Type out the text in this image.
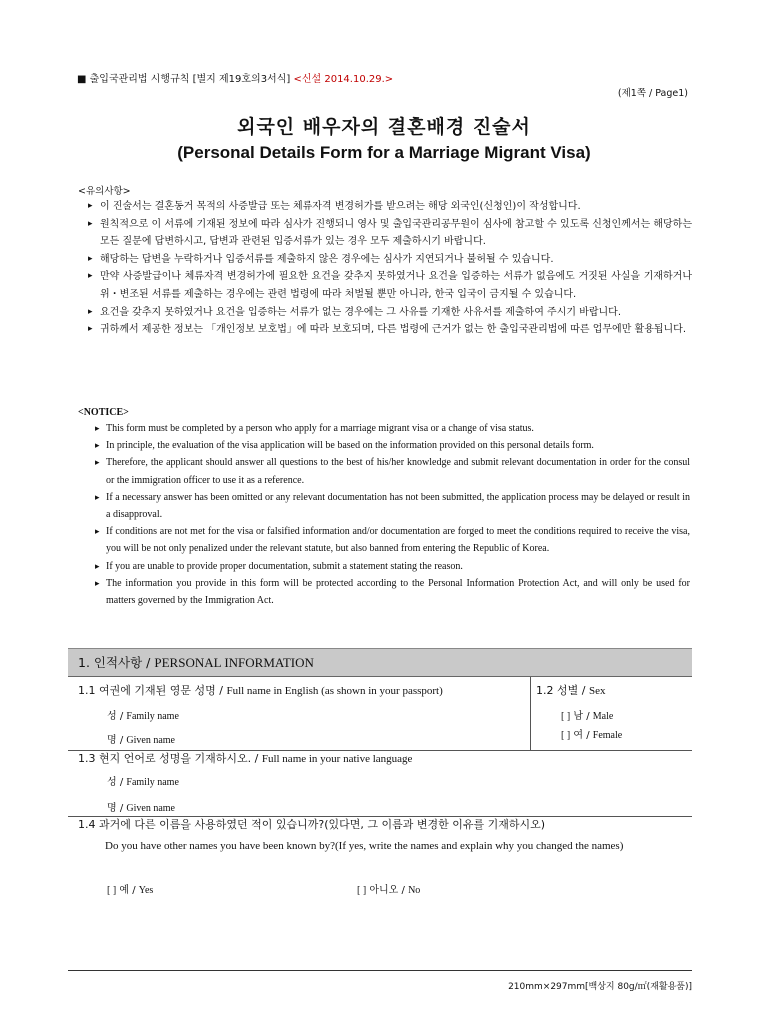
■ 출입국관리법 시행규칙 [별지 제19호의3서식] <신설 2014.10.29.>
(제1쪽 / Page1)
외국인 배우자의 결혼배경 진술서
(Personal Details Form for a Marriage Migrant Visa)
<유의사항>
▸ 이 진술서는 결혼동거 목적의 사증발급 또는 체류자격 변경허가를 받으려는 해당 외국인(신청인)이 작성합니다.
▸ 원칙적으로 이 서류에 기재된 정보에 따라 심사가 진행되니 영사 및 출입국관리공무원이 심사에 참고할 수 있도록 신청인께서는 해당하는 모든 질문에 답변하시고, 답변과 관련된 입증서류가 있는 경우 모두 제출하시기 바랍니다.
▸ 해당하는 답변을 누락하거나 입증서류를 제출하지 않은 경우에는 심사가 지연되거나 불허될 수 있습니다.
▸ 만약 사증발급이나 체류자격 변경허가에 필요한 요건을 갖추지 못하였거나 요건을 입증하는 서류가 없음에도 거짓된 사실을 기재하거나 위・변조된 서류를 제출하는 경우에는 관련 법령에 따라 처벌될 뿐만 아니라, 한국 입국이 금지될 수 있습니다.
▸ 요건을 갖추지 못하였거나 요건을 입증하는 서류가 없는 경우에는 그 사유를 기재한 사유서를 제출하여 주시기 바랍니다.
▸ 귀하께서 제공한 정보는 「개인정보 보호법」에 따라 보호되며, 다른 법령에 근거가 없는 한 출입국관리법에 따른 업무에만 활용됩니다.
<NOTICE>
▸ This form must be completed by a person who apply for a marriage migrant visa or a change of visa status.
▸ In principle, the evaluation of the visa application will be based on the information provided on this personal details form.
▸ Therefore, the applicant should answer all questions to the best of his/her knowledge and submit relevant documentation in order for the consul or the immigration officer to use it as a reference.
▸ If a necessary answer has been omitted or any relevant documentation has not been submitted, the application process may be delayed or result in a disapproval.
▸ If conditions are not met for the visa or falsified information and/or documentation are forged to meet the conditions required to receive the visa, you will be not only penalized under the relevant statute, but also banned from entering the Republic of Korea.
▸ If you are unable to provide proper documentation, submit a statement stating the reason.
▸ The information you provide in this form will be protected according to the Personal Information Protection Act, and will only be used for matters governed by the Immigration Act.
1. 인적사항 / PERSONAL INFORMATION
1.1 여권에 기재된 영문 성명 / Full name in English (as shown in your passport)
성 / Family name
명 / Given name
1.2 성별 / Sex
[ ] 남 / Male
[ ] 여 / Female
1.3 현지 언어로 성명을 기재하시오. / Full name in your native language
성 / Family name
명 / Given name
1.4 과거에 다른 이름을 사용하였던 적이 있습니까?(있다면, 그 이름과 변경한 이유를 기재하시오)
Do you have other names you have been known by?(If yes, write the names and explain why you changed the names)
[ ] 예 / Yes	[ ] 아니오 / No
210mm×297mm[백상지 80g/㎡(재활용품)]
